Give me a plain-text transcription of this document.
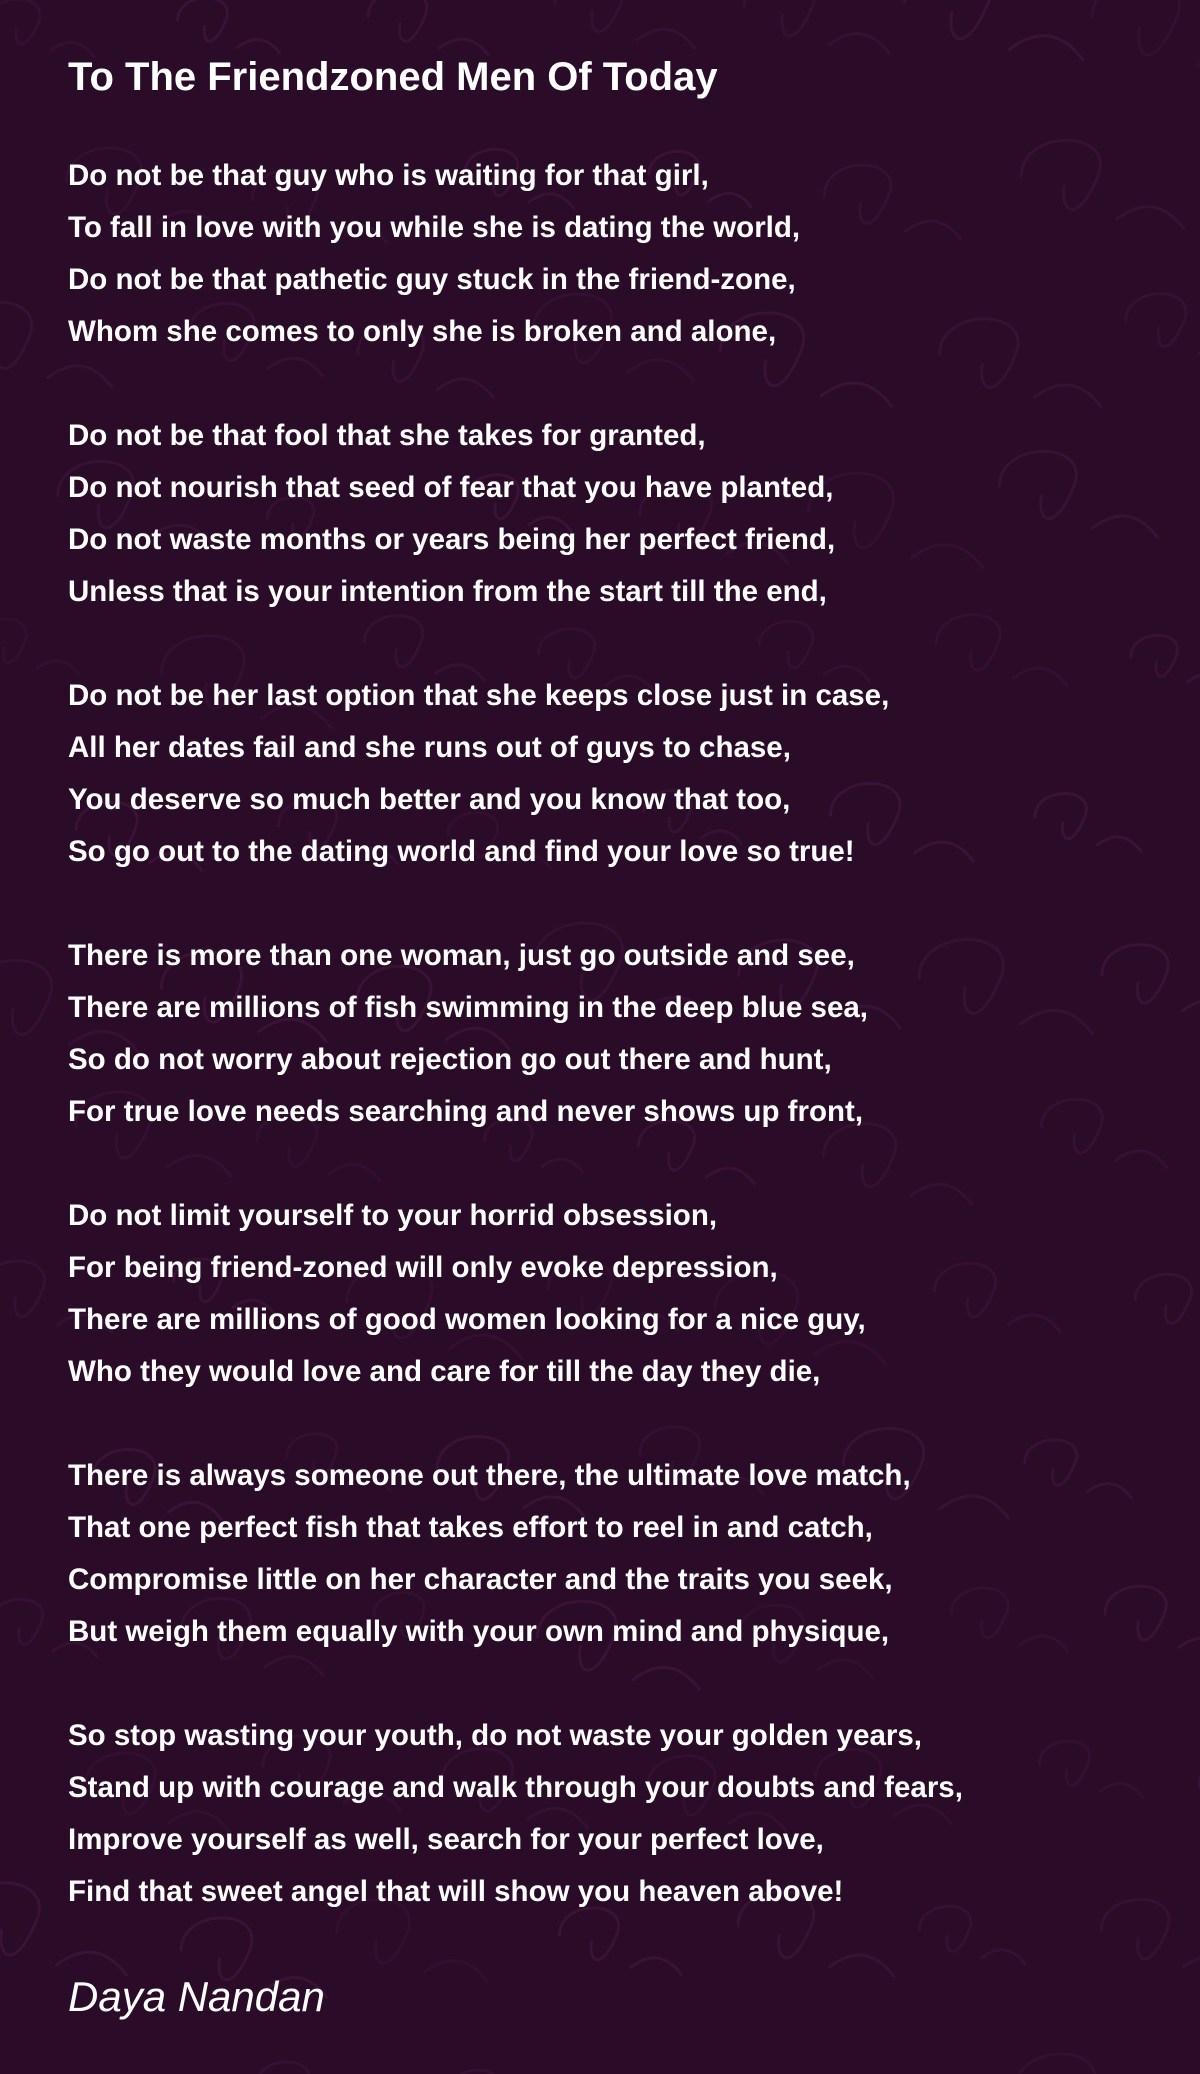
To The Friendzoned Men Of Today
Do not be that guy who is waiting for that girl,
To fall in love with you while she is dating the world,
Do not be that pathetic guy stuck in the friend-zone,
Whom she comes to only she is broken and alone,
Do not be that fool that she takes for granted,
Do not nourish that seed of fear that you have planted,
Do not waste months or years being her perfect friend,
Unless that is your intention from the start till the end,
Do not be her last option that she keeps close just in case,
All her dates fail and she runs out of guys to chase,
You deserve so much better and you know that too,
So go out to the dating world and find your love so true!
There is more than one woman, just go outside and see,
There are millions of fish swimming in the deep blue sea,
So do not worry about rejection go out there and hunt,
For true love needs searching and never shows up front,
Do not limit yourself to your horrid obsession,
For being friend-zoned will only evoke depression,
There are millions of good women looking for a nice guy,
Who they would love and care for till the day they die,
There is always someone out there, the ultimate love match,
That one perfect fish that takes effort to reel in and catch,
Compromise little on her character and the traits you seek,
But weigh them equally with your own mind and physique,
So stop wasting your youth, do not waste your golden years,
Stand up with courage and walk through your doubts and fears,
Improve yourself as well, search for your perfect love,
Find that sweet angel that will show you heaven above!
Daya Nandan
